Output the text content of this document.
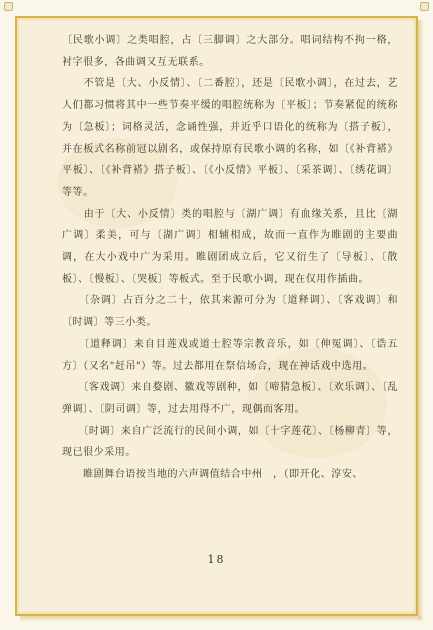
18

〔民歌小调〕之类唱腔，占〔三脚调〕之大部分。唱词结构不拘一格，衬字很多，各曲调又互无联系。

　　不管是〔大、小反情〕、〔二番腔〕，还是〔民歌小调〕，在过去，艺人们都习惯将其中一些节奏平缓的唱腔统称为〔平板〕；节奏紧促的统称为〔急板〕；词格灵活，念诵性强，并近乎口语化的统称为〔搭子板〕，并在板式名称前冠以剧名，或保持原有民歌小调的名称，如〔《补背褡》平板〕、〔《补背褡》搭子板〕、〔《小反情》平板〕、〔采茶调〕、〔绣花调〕等等。

　　由于〔大、小反情〕类的唱腔与〔湖广调〕有血缘关系，且比〔湖广调〕柔美，可与〔湖广调〕相辅相成，故而一直作为睢剧的主要曲调，在大小戏中广为采用。睢剧团成立后，它又衍生了〔导板〕、〔散板〕、〔慢板〕、〔哭板〕等板式。至于民歌小调，现在仅用作插曲。

　　〔杂调〕占百分之二十，依其来源可分为〔道释调〕、〔客戏调〕和〔时调〕等三小类。

　　〔道释调〕来自目莲戏或道士腔等宗教音乐，如〔伸冤调〕、〔诰五方〕（又名"赶吊"）等。过去都用在祭信场合，现在神话戏中选用。

　　〔客戏调〕来自婺剧、徽戏等剧种，如〔啼猜急板〕、〔欢乐调〕、〔乱弹调〕、〔阴司调〕等，过去用得不广，现偶而客用。

　　〔时调〕来自广泛流行的民间小调，如〔十字莲花〕、〔杨柳青〕等，现已很少采用。

　　睢剧舞台语按当地的六声调值结合中州　，（即开化、淳安、
